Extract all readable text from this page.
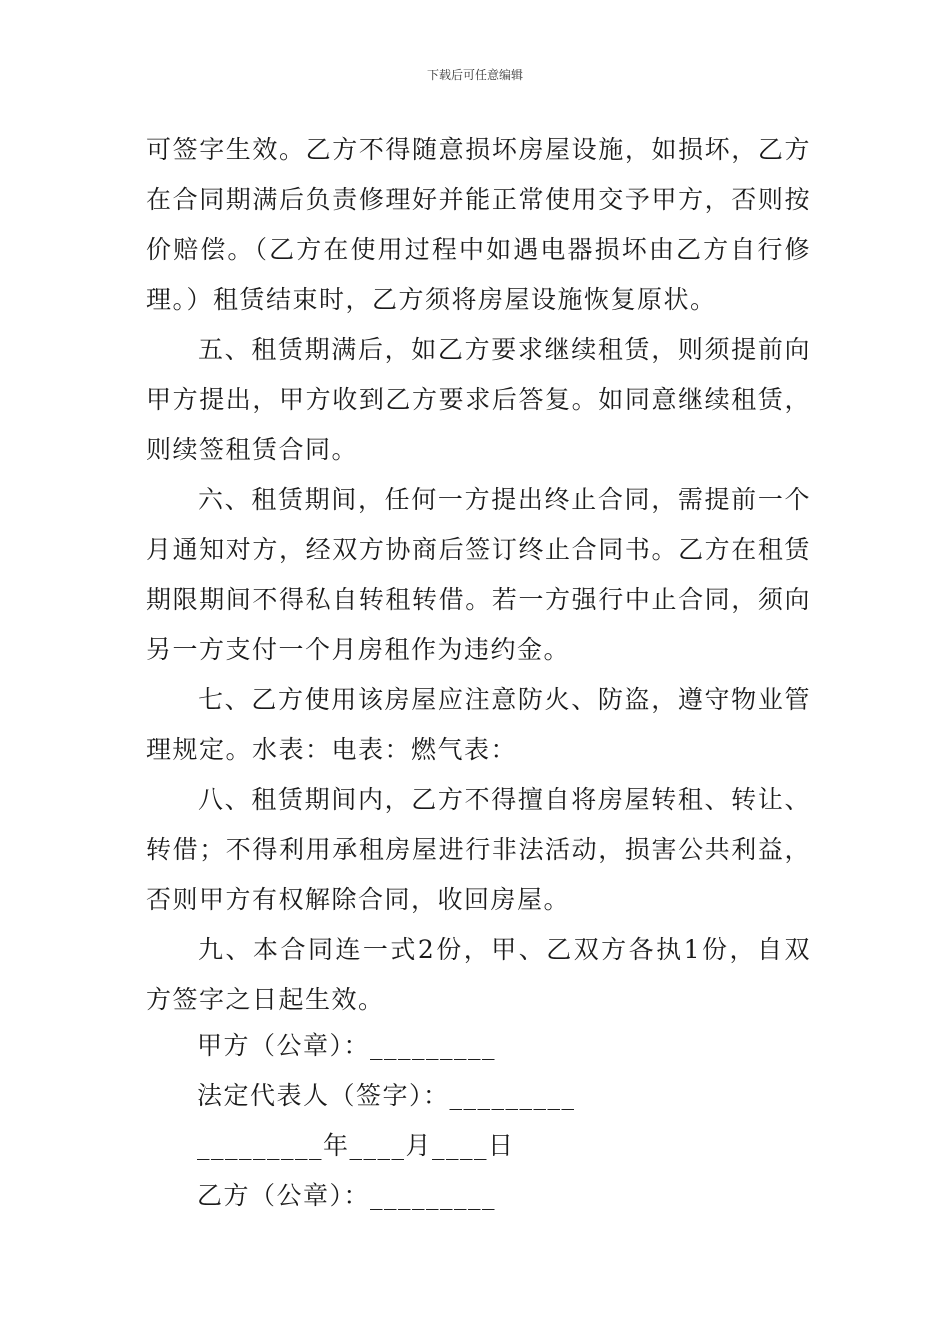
下载后可任意编辑

可签字生效。乙方不得随意损坏房屋设施，如损坏，乙方在合同期满后负责修理好并能正常使用交予甲方，否则按价赔偿。（乙方在使用过程中如遇电器损坏由乙方自行修理。）租赁结束时，乙方须将房屋设施恢复原状。

五、租赁期满后，如乙方要求继续租赁，则须提前向甲方提出，甲方收到乙方要求后答复。如同意继续租赁，则续签租赁合同。

六、租赁期间，任何一方提出终止合同，需提前一个月通知对方，经双方协商后签订终止合同书。乙方在租赁期限期间不得私自转租转借。若一方强行中止合同，须向另一方支付一个月房租作为违约金。

七、乙方使用该房屋应注意防火、防盗，遵守物业管理规定。水表：电表：燃气表：

八、租赁期间内，乙方不得擅自将房屋转租、转让、转借；不得利用承租房屋进行非法活动，损害公共利益，否则甲方有权解除合同，收回房屋。

九、本合同连一式2份，甲、乙双方各执1份，自双方签字之日起生效。

甲方（公章）：_________
法定代表人（签字）：_________
_________年____月____日
乙方（公章）：_________
